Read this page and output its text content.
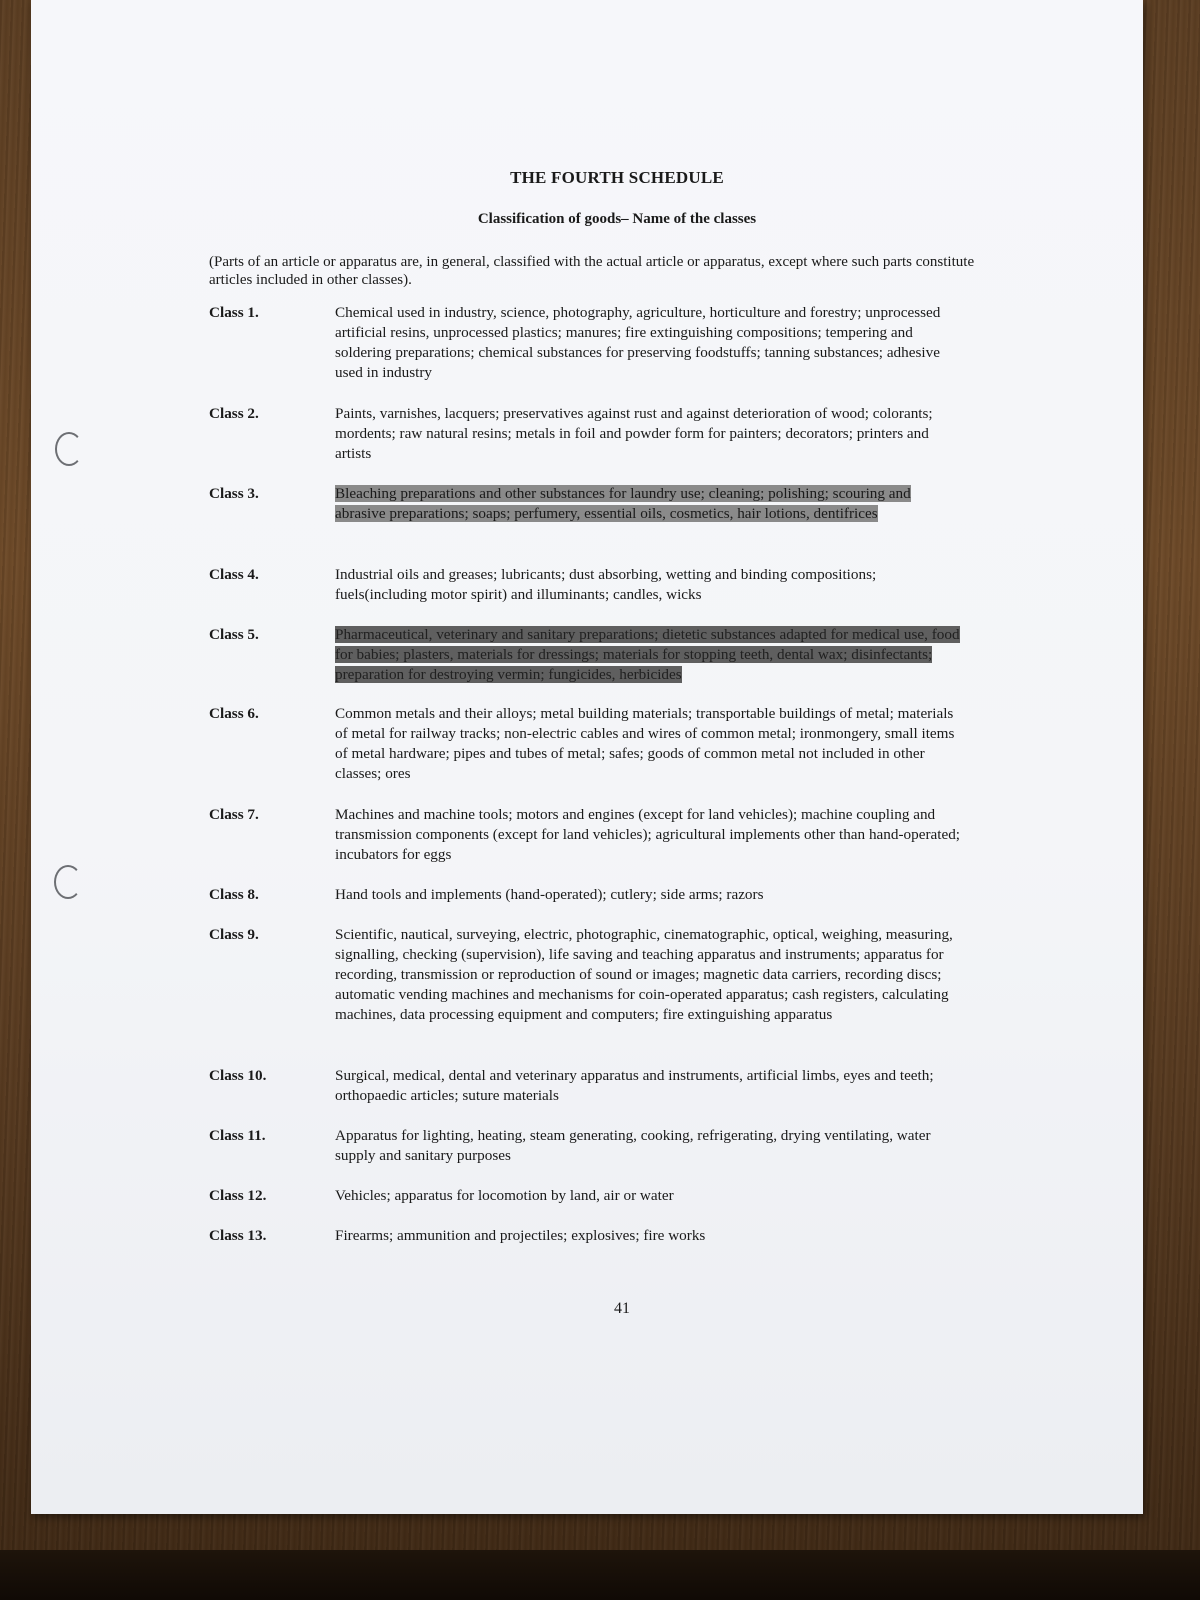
THE FOURTH SCHEDULE
Classification of goods– Name of the classes
(Parts of an article or apparatus are, in general, classified with the actual article or apparatus, except where such parts constitute articles included in other classes).
Class 1.	Chemical used in industry, science, photography, agriculture, horticulture and forestry; unprocessed artificial resins, unprocessed plastics; manures; fire extinguishing compositions; tempering and soldering preparations; chemical substances for preserving foodstuffs; tanning substances; adhesive used in industry
Class 2.	Paints, varnishes, lacquers; preservatives against rust and against deterioration of wood; colorants; mordents; raw natural resins; metals in foil and powder form for painters; decorators; printers and artists
Class 3.	Bleaching preparations and other substances for laundry use; cleaning; polishing; scouring and abrasive preparations; soaps; perfumery, essential oils, cosmetics, hair lotions, dentifrices
Class 4.	Industrial oils and greases; lubricants; dust absorbing, wetting and binding compositions; fuels(including motor spirit) and illuminants; candles, wicks
Class 5.	Pharmaceutical, veterinary and sanitary preparations; dietetic substances adapted for medical use, food for babies; plasters, materials for dressings; materials for stopping teeth, dental wax; disinfectants; preparation for destroying vermin; fungicides, herbicides
Class 6.	Common metals and their alloys; metal building materials; transportable buildings of metal; materials of metal for railway tracks; non-electric cables and wires of common metal; ironmongery, small items of metal hardware; pipes and tubes of metal; safes; goods of common metal not included in other classes; ores
Class 7.	Machines and machine tools; motors and engines (except for land vehicles); machine coupling and transmission components (except for land vehicles); agricultural implements other than hand-operated; incubators for eggs
Class 8.	Hand tools and implements (hand-operated); cutlery; side arms; razors
Class 9.	Scientific, nautical, surveying, electric, photographic, cinematographic, optical, weighing, measuring, signalling, checking (supervision), life saving and teaching apparatus and instruments; apparatus for recording, transmission or reproduction of sound or images; magnetic data carriers, recording discs; automatic vending machines and mechanisms for coin-operated apparatus; cash registers, calculating machines, data processing equipment and computers; fire extinguishing apparatus
Class 10.	Surgical, medical, dental and veterinary apparatus and instruments, artificial limbs, eyes and teeth; orthopaedic articles; suture materials
Class 11.	Apparatus for lighting, heating, steam generating, cooking, refrigerating, drying ventilating, water supply and sanitary purposes
Class 12.	Vehicles; apparatus for locomotion by land, air or water
Class 13.	Firearms; ammunition and projectiles; explosives; fire works
41
